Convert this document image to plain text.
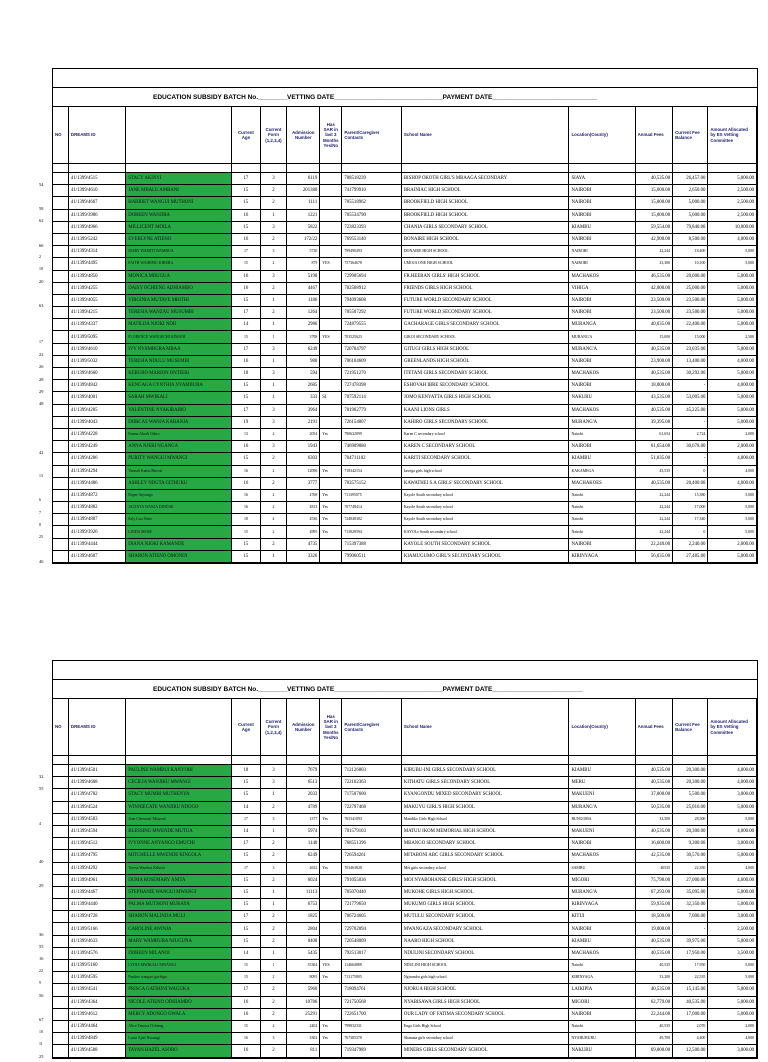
EDUCATION SUBSIDY BATCH No.________VETTING DATE______________________________PAYMENT DATE_____________________________
NO	DREAMS ID		Current Age	Current Form (1,2,3,4)	Admission Number	Has SAR in last 3 Months Yes/No	Parent/Caregiver Contacts	School Name	Location(County)	Annual Fees	Current Fee Balance	Amount Allocated by ES Vetting Committee

54	41/1399/4515	STACY AKINYI	17	3	6119		708518239	BISHOP OKOTH GIRL'S MBAAGA SECONDARY	SIAYA	40,535.00	26,457.00	5,000.00

	41/1399/4610	JANE MBALU AMBANI	15	2	201380		741799910	BRAINIAC HIGH SCHOOL	NAIROBI	15,000.00	2,650.00	2,500.00

58	41/1399/4667	HARRIET WANGUI MUTHONI	15	2	1111		705518962	BROOKFIELD HIGH SCHOOL	NAIROBI	15,000.00	5,000.00	2,500.00

62	41/1399/3986	DOREEN WANJIRA	16	1	1221		705534790	BROOKFIELD HIGH SCHOOL	NAIROBI	15,000.00	5,000.00	2,500.00

	41/1399/4966	MILLICENT MOILA	15	3	5822		723823393	CHANIA GIRLS SECONDARY SCHOOL	KIAMBU	59,554.00	79,840.00	10,000.00

66	41/1399/5242	EVERLYNE ATIENO	16	2	172/22		769553140	BONAIRE HIGH SCHOOL	NAIROBI	42,900.00	8,500.00	4,000.00

2	41/1399/4314	MARY WAMITI WAMBUA	17	3	5730		799490493	DONAIRE HIGH SCHOOL	NAIROBI	22,244	18,400	5,000

18	41/1399/4495	FAITH WAIRIMU KIBERA	15	2	879	YES	757364678	UMOJA ONE HIGH SCHOOL	NAIROBI	23,300	10,100	5,000

20	41/1399/4850	MONICA MBUGUA	16	3	5198		729905694	FR.HEERAN GIRLS' HIGH SCHOOL	MACHAKOS	46,535.00	20,000.00	5,000.00

	41/1399/4255	DAISY OCHIENG ADHIAMBO	16	2	4467		702508912	FRIENDS GIRLS HIGH SCHOOL	VIHIGA	42,000.00	25,000.00	5,000.00

63	41/1399/4055	VIRGINIA MUTAVE MBITHI	15	1	1186		794093608	FUTURE WORLD SECONDARY SCHOOL	NAIROBI	23,500.00	23,500.00	5,000.00

	41/1399/4215	TERESIA WANZAU MUSUMBI	17	2	1264		705507292	FUTURE WORLD SECONDARY SCHOOL	NAIROBI	23,500.00	23,500.00	5,000.00

	41/1399/4337	MATILDA NJOKI NDII	14	1	2986		724879555	GACHARAGE GIRLS SECONDARY SCHOOL	MURANGA	40,035.00	22,400.00	5,000.00

17	41/1399/5095	FLORENCE WANGECHI KIMANI	15	1	3798	YES	703525623	GIKOI SECONDARY SCHOOL	MURANG'A	15,000	15,000	2,500

22	41/1399/4610	IVY NYAMBURA MBAA	17	3	6249		720784797	GITUGI GIRLS HIGH SCHOOL	MURANG'A	40,535.00	23,035.00	5,000.00

26	41/1399/5032	TERESIA NDULU MUSEMBI	16	1	980		706104609	GREENLANDS HIGH SCHOOL	NAIROBI	23,900.00	13,400.00	4,000.00

28	41/1399/4660	KERUBO MARION ONTIERI	18	3	594		721951270	ITETANI GIRLS SECONDARY SCHOOL	MACHAKOS	40,535.00	30,292.00	5,000.00

29	41/1399/4842	KENGAGA CYNTHIA NYAMBURA	15	1	2685		727478398	ESHOVAH IBRE SECONDARY SCHOOL	NAIROBI	18,000.00	-	4,000.00

48	41/1399/4001	SARAH MWIKALI	15	1	333	SI	707592114	JOMO KENYATTA GIRLS HIGH SCHOOL	NAKURU	43,535.00	53,005.00	5,000.00

	41/1399/4205	VALENTINE NYAKIRAIBO	17	3	3964		701962779	KAANI LIONS GIRLS	MACHAKOS	40,535.00	45,225.00	5,000.00

	41/1399/4043	DORCAS WANJA KARANJA	19	3	2191		726154807	KAHIRO GIRLS SECONDARY SCHOOL	MURANG'A	39,395.00	-	5,000.00

	41/1399/4228	Emma Akoth Odero	13	2	2054	Yes	790632899	Karen C secondary school	Nairobi	61,654	2,724	2,000

42	41/1399/4249	ANNA NJERI NGANGA	16	3	1943		746909080	KAREN C SECONDARY SCHOOL	NAIROBI	61,654.00	30,678.00	2,000.00

	41/1399/4286	PURITY WANGUI MWANGI	15	2	6303		704711102	KARITI SECONDARY SCHOOL	KIAMBU	51,035.00	-	4,000.00

13	41/1399/4294	Vennah Kamu Biwott	16	2	12096	Yes	718342154	kavega girls high school	KAKAMEGA	43,535	0	4,000

	41/1399/4486	ASHLEY NDUTA GITHUKU	16	2	3777		703575152	KAWATHEI S.A GIRLS' SECONDARY SCHOOL	MACHAKOES	40,535.00	20,400.00	4,000.00

6	41/1399/4872	Roper Anyango	16	2	4768	Yes	711395075	Kayole South secondary school	Nairobi	22,244	15,380	5,000

7	41/1399/4882	JACINTA WANJA DINDAE	16	2	4813	Yes	707748414	Kayole South secondary school	Nairobi	22,244	17,000	5,000

8	41/1399/4887	Kily Luci Kitio	18	4	4536	Yes	724848382	Kayole South secondary school	Nairobi	22,244	17,340	5,000

25	41/1399/3926	LINDA MOSE	15	2	4995	Yes	713828594	KAYOLe South secondary school	Nairobi	22,244	0	5,000

	41/1399/4444	DIANA NJOKI KAMANDE	15	2	4735		715397388	KAYOLE SOUTH SECONDARY SCHOOL	NAIROBI	22,240.00	2,240.00	2,000.00

46	41/1399/4607	SHARON ATIENO OMONDI	15	1	3326		799060511	KIAMUGUMO GIRL'S SECONDARY SCHOOL	KIRINYAGA	56,035.00	27,485.00	5,000.00
EDUCATION SUBSIDY BATCH No.________VETTING DATE______________________________PAYMENT DATE_________________________
NO	DREAMS ID		Current Age	Current Form (1,2,3,4)	Admission Number	Has SAR in last 3 Months Yes/No	Parent/Caregiver Contacts	School Name	Location(County)	Annual Fees	Current Fee Balance	Amount Allocated by ES Vetting Committee

32	41/1399/4501	PAULINE WAMBUI KANYORI	18	3	7679		712126803	KIBUBU-INI GIRLS SECONDARY SCHOOL	KIAMBU	40,535.00	20,300.00	4,000.00

55	41/1399/4668	CECILIA WANJIKU MWANGI	15	3	6513		722162363	KITHATU GIRLS SECONDARY SCHOOL	MERU	40,535.00	20,300.00	4,000.00

	41/1399/4782	STACY MUMBI MUTHENYA	15	1	2033		717507600	KYANGONDU MIXED SECONDARY SCHOOL	MAKUENI	37,000.00	5,500.00	3,000.00

	41/1399/4524	WINNIECATE WANJIRU NDOGO	14	2	4789		722797468	MAKUYU GIRL'S HIGH SCHOOL	MURANG'A	50,535.00	25,016.00	5,000.00

4	41/1399/4583	Joan Chemutai Maiyoni	17	3	1377	Yes	765341093	Mandiko Girls High School	BUNGOMA	33,500	28,500	5,000

	41/1399/4594	BLESSING MWENDE MUTUA	14	1	5974		701579103	MATUU IKOM MEMORIAL HIGH SCHOOL	MAKUENI	40,535.00	20,300.00	4,000.00

	41/1399/4512	IVYONNE ANYANGO EMUCHI	17	2	1140		768551396	MBANGO SECONDARY SCHOOL	NAIROBI	16,600.00	9,300.00	3,000.00

40	41/1399/4795	MITCHELLE MWENDE KINGOLA	15	2	6249		726594261	MITABONI ABC GIRLS SECONDARY SCHOOL	MACHAKOS	42,535.00	30,570.00	5,000.00

	41/1399/4292	Teresa Wambui Kibiriti	17	3	4652	Yes	703463828	Mei girls secondary school	SAMBU	40535	22,350	4,000

29	41/1399/4961	DUMA ROSEMARY ANITA	15	2	6024		791055036	MOI NYABOHANSE GIRLS' HIGH SCHOOL	MIGORI	75,798.00	27,000.00	4,000.00

	41/1399/4467	STEPHANIE WANGUI MWANGI	15	1	11113		705070440	MUKOHE GIRLS HIGH SCHOOL	MURANG'A	67,293.00	35,095.00	5,000.00

	41/1399/4440	PALMA MUTHONI MURAYA	15	1	6753		721779650	MUKUMO GIRLS HIGH SCHOOL	KIRINYAGA	59,935.00	32,350.00	5,000.00

	41/1399/4728	SHARON MALINDA MULI	17	2	1825		706724605	MUTULU SECONDARY SCHOOL	KITUI	18,500.00	7,000.00	3,000.00

36	41/1399/5166	CAROLINE AWINJA	15	2	2804		729702094	MWANGAZA SECONDARY SCHOOL	NAIROBI	19,000.00	-	2,500.00

55	41/1399/4633	MARY WAMBURA NJUGUNA	15	2	8408		720548009	NAARO HIGH SCHOOL	KIAMBU	40,535.00	39,975.00	5,000.00

16	41/1399/4576	DOREEN MILANOI	14	1	5435		792513017	NDULINI SECONDARY SCHOOL	MACHAKOS	40,535.00	17,950.00	3,500.00

22	41/1399/5160	LYDIA MWIKALI MWANGI	15	1	35364	YES	114664888	NDULINI HIGH SCHOOL	Nairobi	40,535	17,950	5,000

9	41/1399/4595	Pauline wangari gachigo	15	2	8095	Yes	713175805	Ngirambu girls high school	KIRINYAGA	33,200	22,535	5,000

56	41/1399/4541	PRISCA GATHONI WAGUKA	17	2	5960		718094761	NJORUA HIGH SCHOOL	LAIKIPIA	40,535.00	15,145.00	5,000.00

	41/1399/4364	NICOLE ATIENO ODHIAMBO	16	2	10786		721750568	NYABISAWA GIRLS HIGH SCHOOL	MIGORI	62,779.00	40,535.00	5,000.00

67	41/1399/4612	MERCY ADONGO OWALA	16	2	25291		722651700	OUR LADY OF FATIMA SECONDARY SCHOOL	NAIROBI	22,244.00	17,000.00	5,000.00

10	41/1399/4464	Alice Tamara Ochieng	15	2	2402	Yes	798832331	Enga Girls High School	Nairobi	40,535	2,070	2,000

11	41/1399/4849	Lucie Ajiei Nwamgi	16	3	3302	Yes	767385378	Shamata girls secondary school	NYAHURURU	49,700	4,400	4,000

25	41/1399/4588	TAYAN HAZEL ASORO	16	2	811		719347989	MINERS GIRLS SECONDARY SCHOOL	NAKURU	69,000.00	12,500.00	3,000.00
